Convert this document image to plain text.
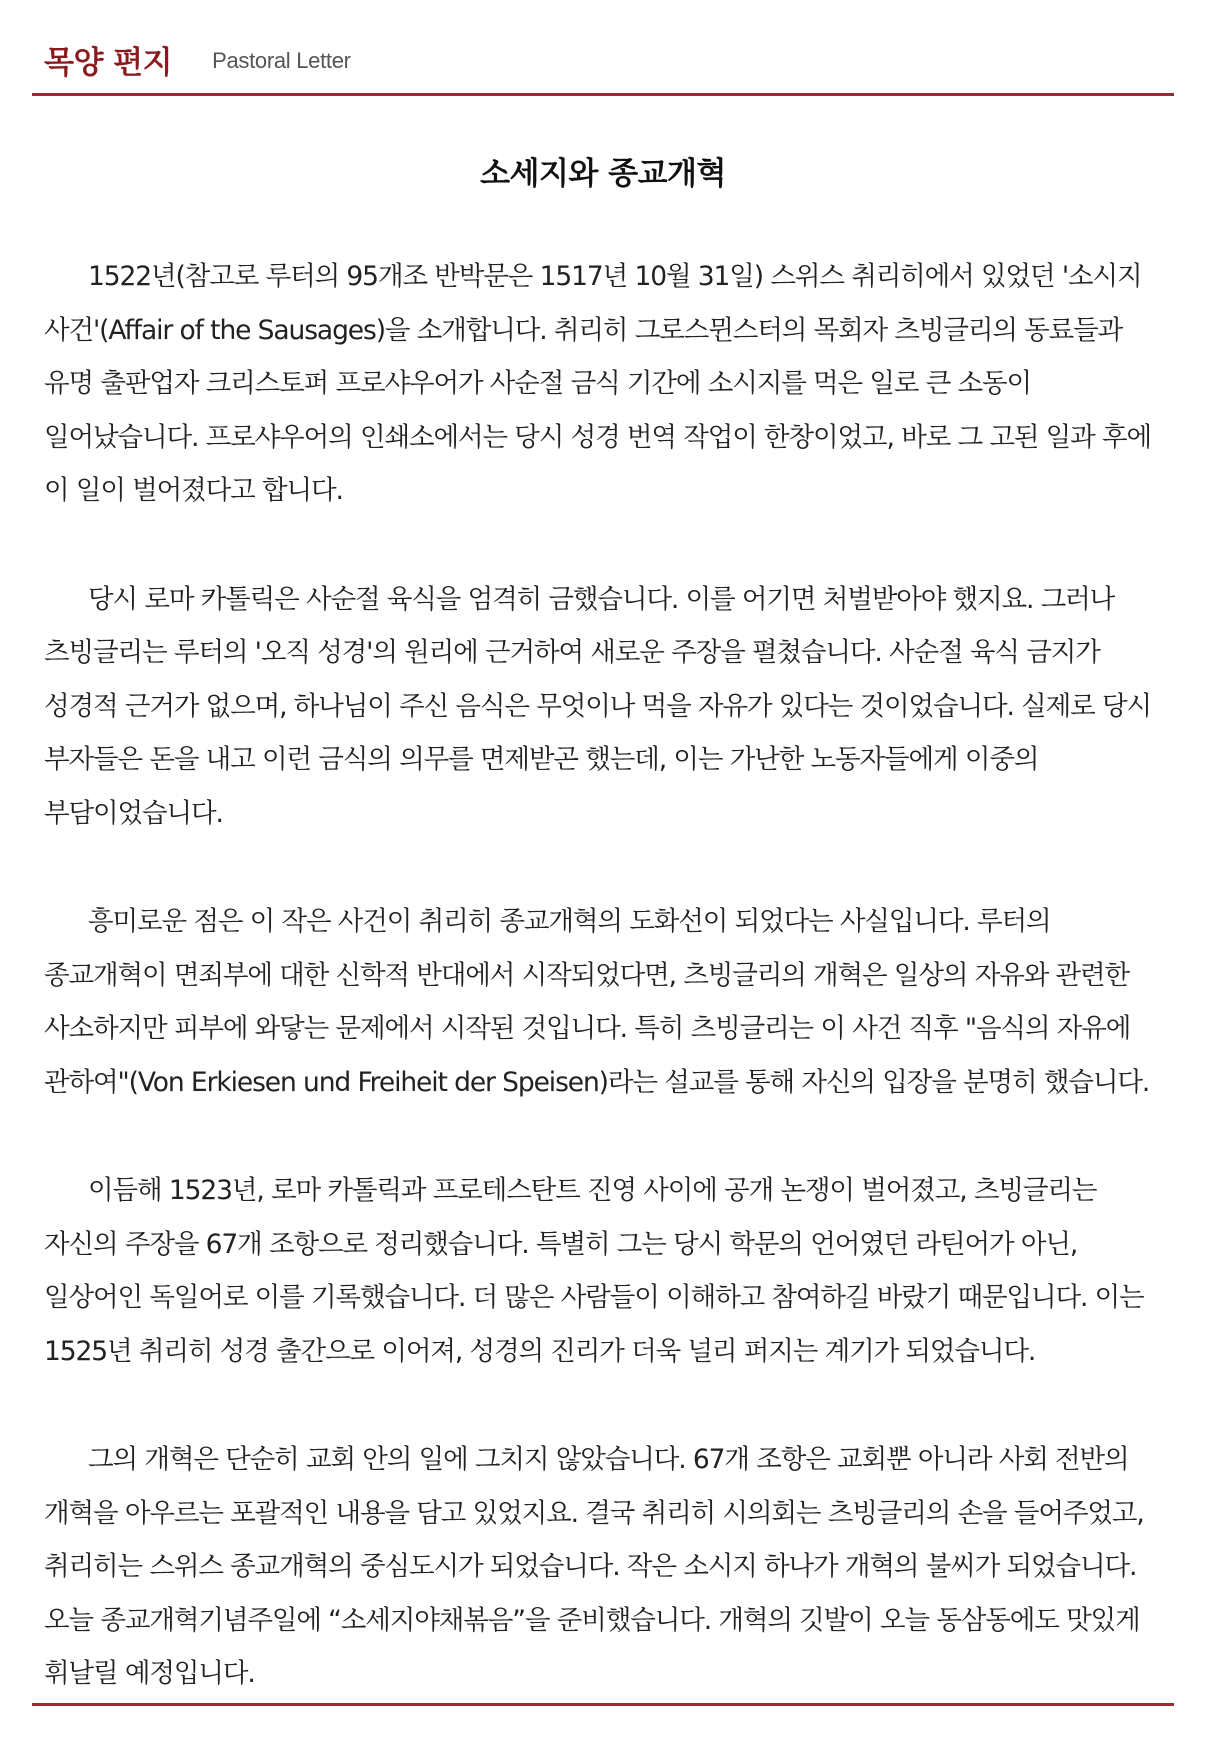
목양 편지 Pastoral Letter
소세지와 종교개혁

1522년(참고로 루터의 95개조 반박문은 1517년 10월 31일) 스위스 취리히에서 있었던 '소시지 사건'(Affair of the Sausages)을 소개합니다. 취리히 그로스뮌스터의 목회자 츠빙글리의 동료들과 유명 출판업자 크리스토퍼 프로샤우어가 사순절 금식 기간에 소시지를 먹은 일로 큰 소동이 일어났습니다. 프로샤우어의 인쇄소에서는 당시 성경 번역 작업이 한창이었고, 바로 그 고된 일과 후에 이 일이 벌어졌다고 합니다.

당시 로마 카톨릭은 사순절 육식을 엄격히 금했습니다. 이를 어기면 처벌받아야 했지요. 그러나 츠빙글리는 루터의 '오직 성경'의 원리에 근거하여 새로운 주장을 펼쳤습니다. 사순절 육식 금지가 성경적 근거가 없으며, 하나님이 주신 음식은 무엇이나 먹을 자유가 있다는 것이었습니다. 실제로 당시 부자들은 돈을 내고 이런 금식의 의무를 면제받곤 했는데, 이는 가난한 노동자들에게 이중의 부담이었습니다.

흥미로운 점은 이 작은 사건이 취리히 종교개혁의 도화선이 되었다는 사실입니다. 루터의 종교개혁이 면죄부에 대한 신학적 반대에서 시작되었다면, 츠빙글리의 개혁은 일상의 자유와 관련한 사소하지만 피부에 와닿는 문제에서 시작된 것입니다. 특히 츠빙글리는 이 사건 직후 "음식의 자유에 관하여"(Von Erkiesen und Freiheit der Speisen)라는 설교를 통해 자신의 입장을 분명히 했습니다.

이듬해 1523년, 로마 카톨릭과 프로테스탄트 진영 사이에 공개 논쟁이 벌어졌고, 츠빙글리는 자신의 주장을 67개 조항으로 정리했습니다. 특별히 그는 당시 학문의 언어였던 라틴어가 아닌, 일상어인 독일어로 이를 기록했습니다. 더 많은 사람들이 이해하고 참여하길 바랐기 때문입니다. 이는 1525년 취리히 성경 출간으로 이어져, 성경의 진리가 더욱 널리 퍼지는 계기가 되었습니다.

그의 개혁은 단순히 교회 안의 일에 그치지 않았습니다. 67개 조항은 교회뿐 아니라 사회 전반의 개혁을 아우르는 포괄적인 내용을 담고 있었지요. 결국 취리히 시의회는 츠빙글리의 손을 들어주었고, 취리히는 스위스 종교개혁의 중심도시가 되었습니다. 작은 소시지 하나가 개혁의 불씨가 되었습니다. 오늘 종교개혁기념주일에 “소세지야채볶음”을 준비했습니다. 개혁의 깃발이 오늘 동삼동에도 맛있게 휘날릴 예정입니다.
